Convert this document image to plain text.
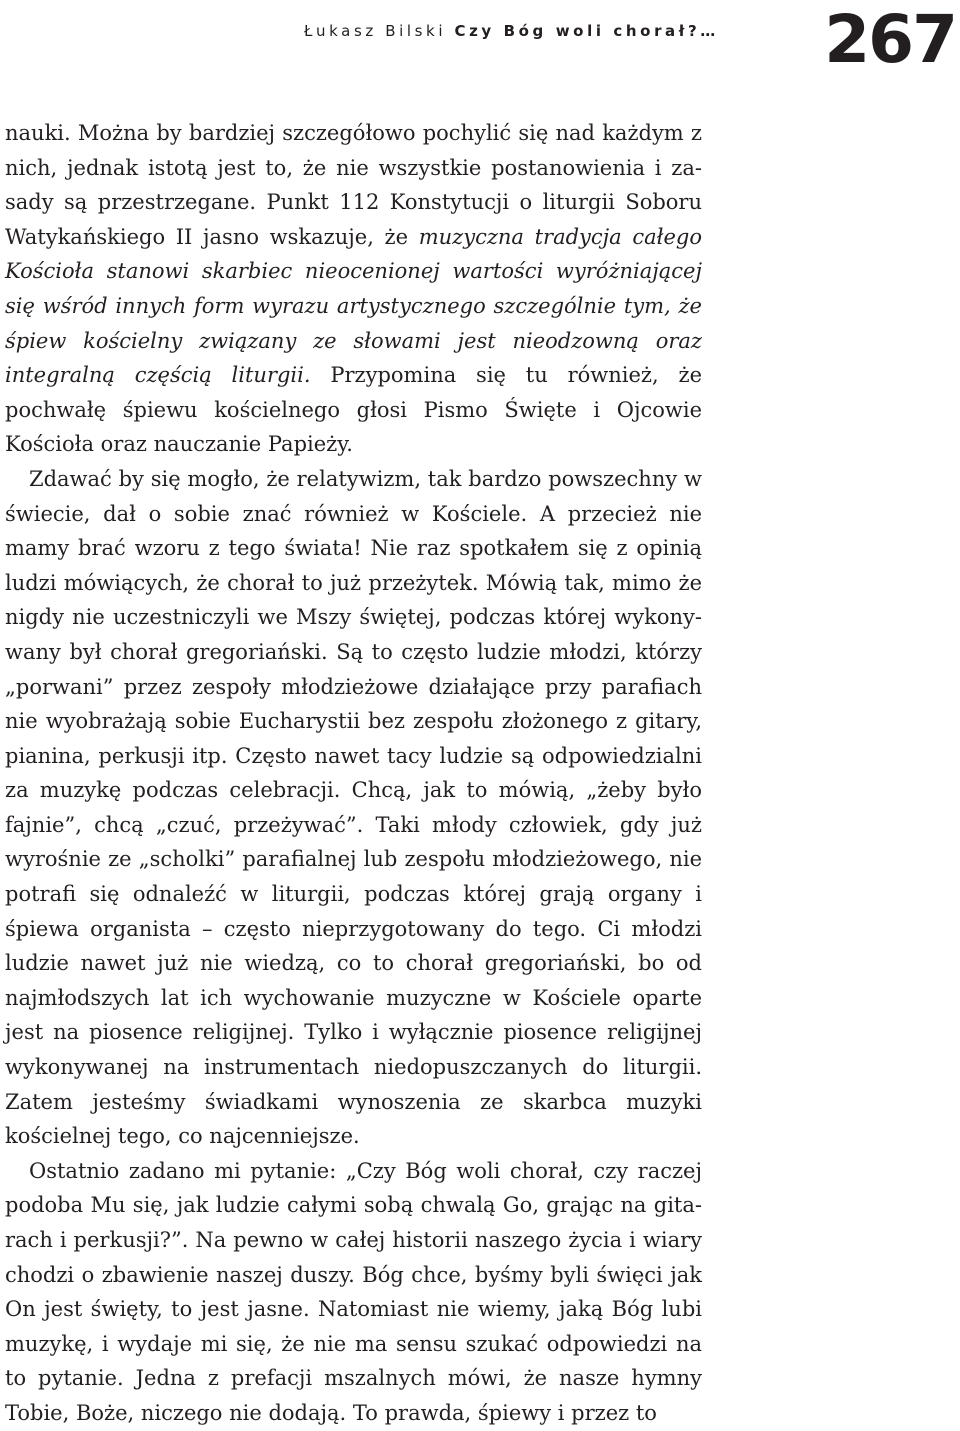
Łukasz Bilski Czy Bóg woli chorał?… 267

nauki. Można by bardziej szczegółowo pochylić się nad każdym z nich, jednak istotą jest to, że nie wszystkie postanowienia i zasady są przestrzegane. Punkt 112 Konstytucji o liturgii Soboru Watykańskiego II jasno wskazuje, że muzyczna tradycja całego Kościoła stanowi skarbiec nieocenionej wartości wyróżniającej się wśród innych form wyrazu artystycznego szczególnie tym, że śpiew kościelny związany ze słowami jest nieodzowną oraz integralną częścią liturgii. Przypomina się tu również, że pochwałę śpiewu kościelnego głosi Pismo Święte i Ojcowie Kościoła oraz nauczanie Papieży.

Zdawać by się mogło, że relatywizm, tak bardzo powszechny w świecie, dał o sobie znać również w Kościele. A przecież nie mamy brać wzoru z tego świata! Nie raz spotkałem się z opinią ludzi mówiących, że chorał to już przeżytek. Mówią tak, mimo że nigdy nie uczestniczyli we Mszy świętej, podczas której wykonywany był chorał gregoriański. Są to często ludzie młodzi, którzy „porwani” przez zespoły młodzieżowe działające przy parafiach nie wyobrażają sobie Eucharystii bez zespołu złożonego z gitary, pianina, perkusji itp. Często nawet tacy ludzie są odpowiedzialni za muzykę podczas celebracji. Chcą, jak to mówią, „żeby było fajnie”, chcą „czuć, przeżywać”. Taki młody człowiek, gdy już wyrośnie ze „scholki” parafialnej lub zespołu młodzieżowego, nie potrafi się odnaleźć w liturgii, podczas której grają organy i śpiewa organista – często nieprzygotowany do tego. Ci młodzi ludzie nawet już nie wiedzą, co to chorał gregoriański, bo od najmłodszych lat ich wychowanie muzyczne w Kościele oparte jest na piosence religijnej. Tylko i wyłącznie piosence religijnej wykonywanej na instrumentach niedopuszczanych do liturgii. Zatem jesteśmy świadkami wynoszenia ze skarbca muzyki kościelnej tego, co najcenniejsze.

Ostatnio zadano mi pytanie: „Czy Bóg woli chorał, czy raczej podoba Mu się, jak ludzie całymi sobą chwalą Go, grając na gitarach i perkusji?”. Na pewno w całej historii naszego życia i wiary chodzi o zbawienie naszej duszy. Bóg chce, byśmy byli święci jak On jest święty, to jest jasne. Natomiast nie wiemy, jaką Bóg lubi muzykę, i wydaje mi się, że nie ma sensu szukać odpowiedzi na to pytanie. Jedna z prefacji mszalnych mówi, że nasze hymny Tobie, Boże, niczego nie dodają. To prawda, śpiewy i przez to
